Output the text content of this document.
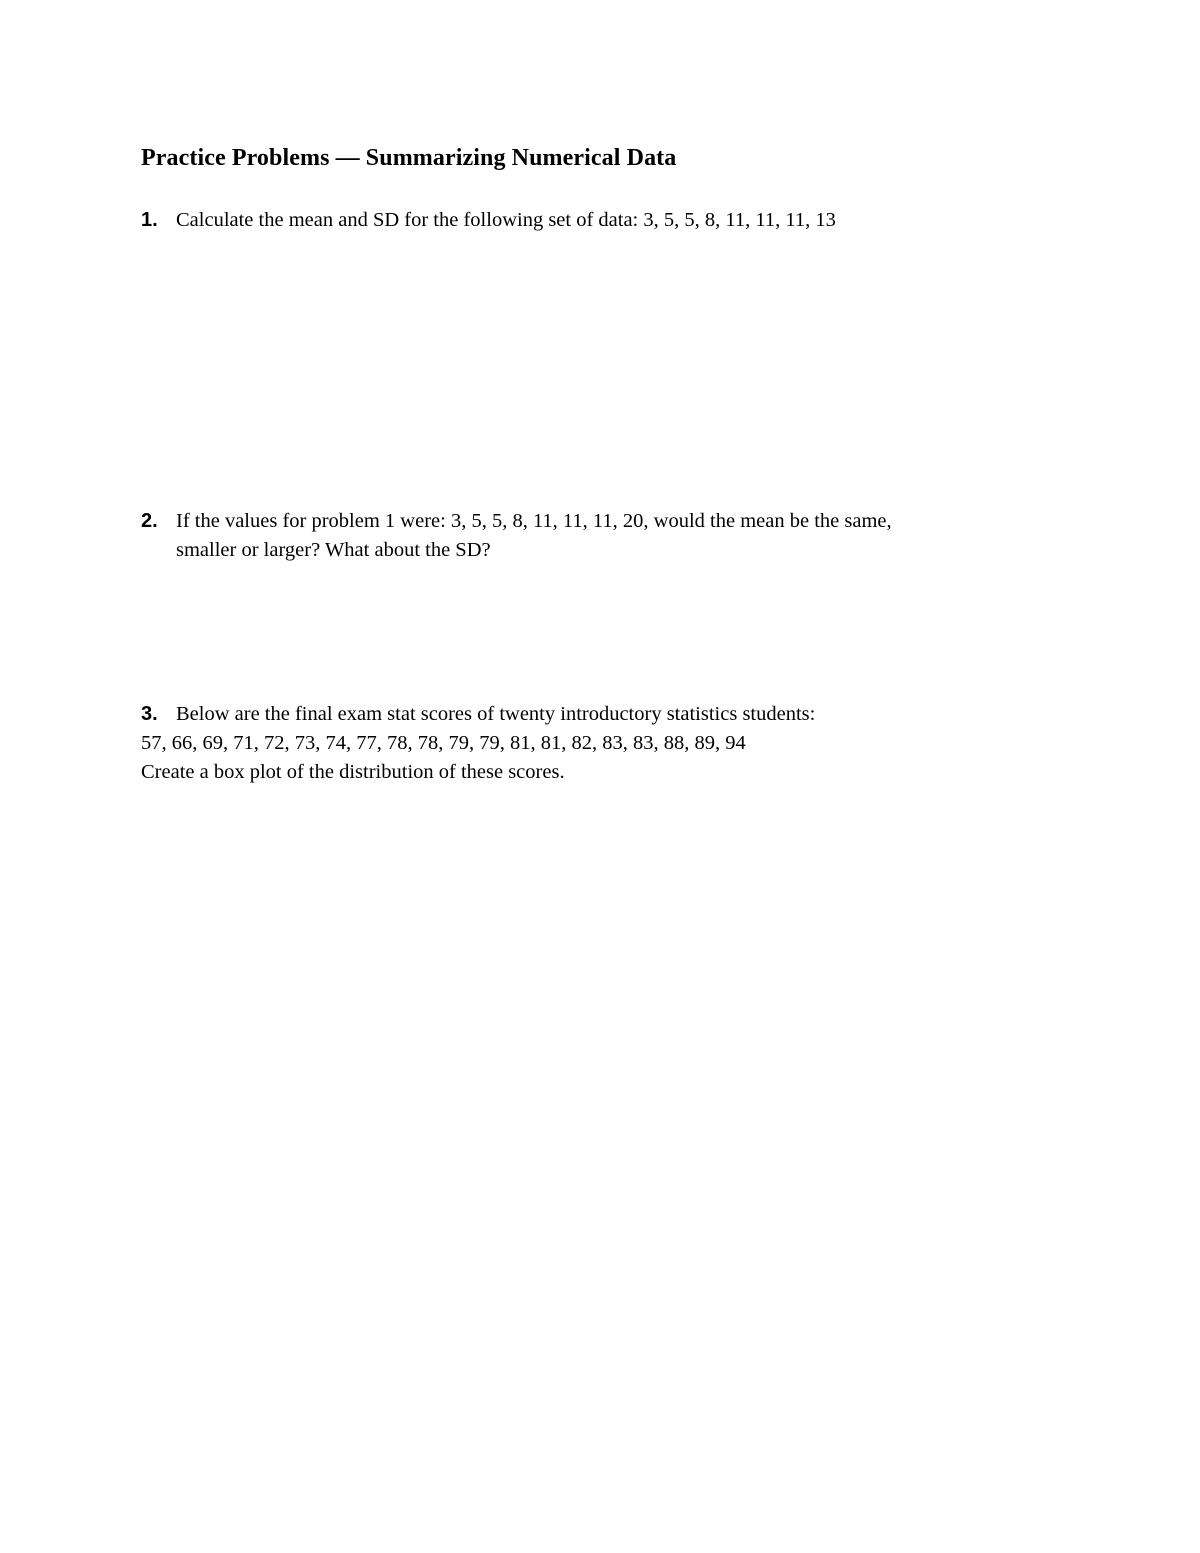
Practice Problems — Summarizing Numerical Data
1. Calculate the mean and SD for the following set of data: 3, 5, 5, 8, 11, 11, 11, 13
2. If the values for problem 1 were: 3, 5, 5, 8, 11, 11, 11, 20, would the mean be the same,
smaller or larger? What about the SD?
3. Below are the final exam stat scores of twenty introductory statistics students:
57, 66, 69, 71, 72, 73, 74, 77, 78, 78, 79, 79, 81, 81, 82, 83, 83, 88, 89, 94
Create a box plot of the distribution of these scores.
